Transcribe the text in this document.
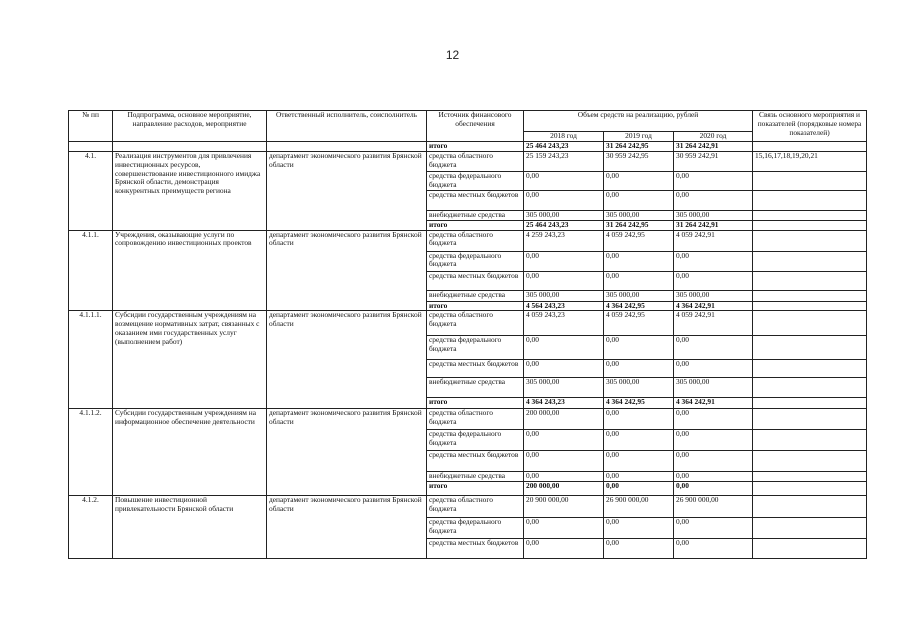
12
№ пп	Подпрограмма, основное мероприятие, направление расходов, мероприятие	Ответственный исполнитель, соисполнитель	Источник финансового обеспечения	Объем средств на реализацию, рублей			Связь основного мероприятия и показателей (порядковые номера показателей)
				2018 год	2019 год	2020 год	
			итого	25 464 243,23	31 264 242,95	31 264 242,91	
4.1.	Реализация инструментов для привлечения инвестиционных ресурсов, совершенствование инвестиционного имиджа Брянской области, демонстрация конкурентных преимуществ региона	департамент экономического развития Брянской области	средства областного бюджета	25 159 243,23	30 959 242,95	30 959 242,91	15,16,17,18,19,20,21
			средства федерального бюджета	0,00	0,00	0,00	
			средства местных бюджетов	0,00	0,00	0,00	
			внебюджетные средства	305 000,00	305 000,00	305 000,00	
			итого	25 464 243,23	31 264 242,95	31 264 242,91	
4.1.1.	Учреждения, оказывающие услуги по сопровождению инвестиционных проектов	департамент экономического развития Брянской области	средства областного бюджета	4 259 243,23	4 059 242,95	4 059 242,91	
			средства федерального бюджета	0,00	0,00	0,00	
			средства местных бюджетов	0,00	0,00	0,00	
			внебюджетные средства	305 000,00	305 000,00	305 000,00	
			итого	4 564 243,23	4 364 242,95	4 364 242,91	
4.1.1.1.	Субсидии государственным учреждениям на возмещение нормативных затрат, связанных с оказанием ими государственных услуг (выполнением работ)	департамент экономического развития Брянской области	средства областного бюджета	4 059 243,23	4 059 242,95	4 059 242,91	
			средства федерального бюджета	0,00	0,00	0,00	
			средства местных бюджетов	0,00	0,00	0,00	
			внебюджетные средства	305 000,00	305 000,00	305 000,00	
			итого	4 364 243,23	4 364 242,95	4 364 242,91	
4.1.1.2.	Субсидии государственным учреждениям на информационное обеспечение деятельности	департамент экономического развития Брянской области	средства областного бюджета	200 000,00	0,00	0,00	
			средства федерального бюджета	0,00	0,00	0,00	
			средства местных бюджетов	0,00	0,00	0,00	
			внебюджетные средства	0,00	0,00	0,00	
			итого	200 000,00	0,00	0,00	
4.1.2.	Повышение инвестиционной привлекательности Брянской области	департамент экономического развития Брянской области	средства областного бюджета	20 900 000,00	26 900 000,00	26 900 000,00	
			средства федерального бюджета	0,00	0,00	0,00	
			средства местных бюджетов	0,00	0,00	0,00	
